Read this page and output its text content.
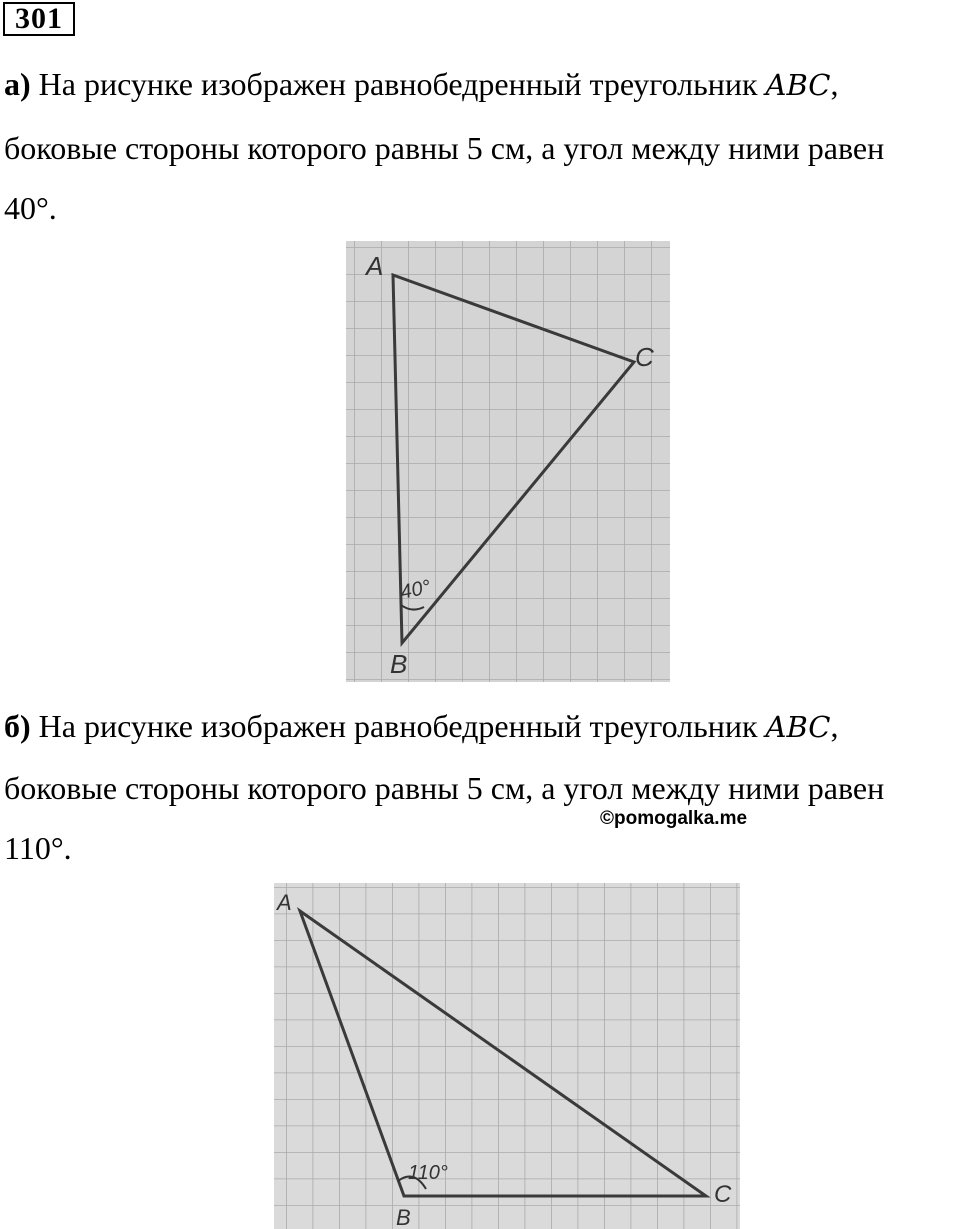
301

а) На рисунке изображен равнобедренный треугольник ABC,

боковые стороны которого равны 5 см, а угол между ними равен

40°.

A
C
B
40°

б) На рисунке изображен равнобедренный треугольник ABC,

боковые стороны которого равны 5 см, а угол между ними равен

110°.

©pomogalka.me
A
B
C
110°
